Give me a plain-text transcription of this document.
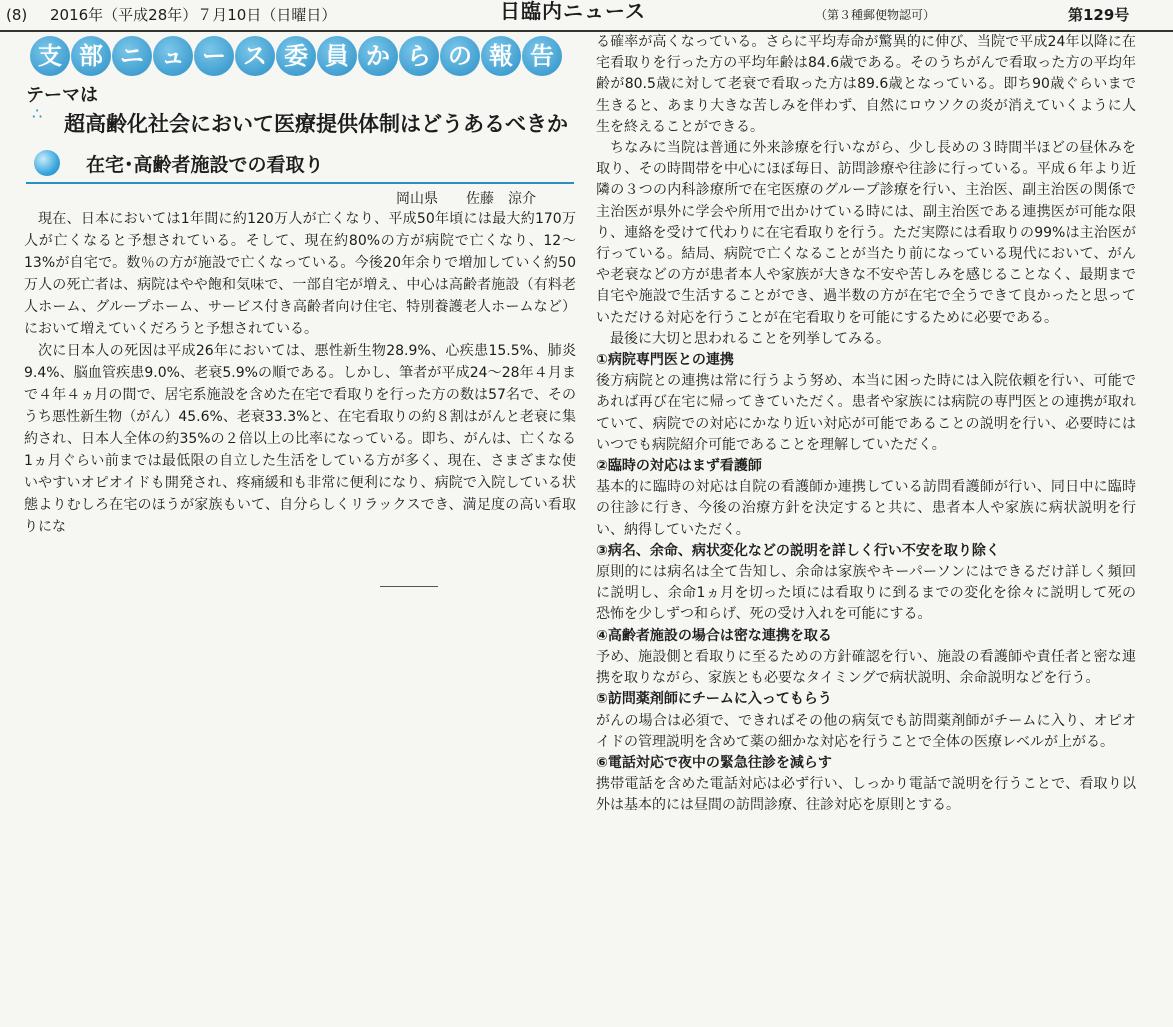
(8) 2016年（平成28年）７月10日（日曜日）	日臨内ニュース	（第３種郵便物認可）	第129号
支 部 ニ ュ ー ス 委 員 か ら の 報 告
テーマは
∴ 超高齢化社会において医療提供体制はどうあるべきか
在宅･高齢者施設での看取り
岡山県　　佐藤　涼介

現在、日本においては1年間に約120万人が亡くなり、平成50年頃には最大約170万人が亡くなると予想されている。そして、現在約80%の方が病院で亡くなり、12～13%が自宅で。数％の方が施設で亡くなっている。今後20年余りで増加していく約50万人の死亡者は、病院はやや飽和気味で、一部自宅が増え、中心は高齢者施設（有料老人ホーム、グループホーム、サービス付き高齢者向け住宅、特別養護老人ホームなど）において増えていくだろうと予想されている。

次に日本人の死因は平成26年においては、悪性新生物28.9%、心疾患15.5%、肺炎9.4%、脳血管疾患9.0%、老衰5.9%の順である。しかし、筆者が平成24～28年４月まで４年４ヵ月の間で、居宅系施設を含めた在宅で看取りを行った方の数は57名で、そのうち悪性新生物（がん）45.6%、老衰33.3%と、在宅看取りの約８割はがんと老衰に集約され、日本人全体の約35%の２倍以上の比率になっている。即ち、がんは、亡くなる1ヵ月ぐらい前までは最低限の自立した生活をしている方が多く、現在、さまざまな使いやすいオピオイドも開発され、疼痛緩和も非常に便利になり、病院で入院している状態よりむしろ在宅のほうが家族もいて、自分らしくリラックスでき、満足度の高い看取りにな

る確率が高くなっている。さらに平均寿命が驚異的に伸び、当院で平成24年以降に在宅看取りを行った方の平均年齢は84.6歳である。そのうちがんで看取った方の平均年齢が80.5歳に対して老衰で看取った方は89.6歳となっている。即ち90歳ぐらいまで生きると、あまり大きな苦しみを伴わず、自然にロウソクの炎が消えていくように人生を終えることができる。

ちなみに当院は普通に外来診療を行いながら、少し長めの３時間半ほどの昼休みを取り、その時間帯を中心にほぼ毎日、訪問診療や往診に行っている。平成６年より近隣の３つの内科診療所で在宅医療のグループ診療を行い、主治医、副主治医の関係で主治医が県外に学会や所用で出かけている時には、副主治医である連携医が可能な限り、連絡を受けて代わりに在宅看取りを行う。ただ実際には看取りの99%は主治医が行っている。結局、病院で亡くなることが当たり前になっている現代において、がんや老衰などの方が患者本人や家族が大きな不安や苦しみを感じることなく、最期まで自宅や施設で生活することができ、過半数の方が在宅で全うできて良かったと思っていただける対応を行うことが在宅看取りを可能にするために必要である。

最後に大切と思われることを列挙してみる。

①病院専門医との連携

後方病院との連携は常に行うよう努め、本当に困った時には入院依頼を行い、可能であれば再び在宅に帰ってきていただく。患者や家族には病院の専門医との連携が取れていて、病院での対応にかなり近い対応が可能であることの説明を行い、必要時にはいつでも病院紹介可能であることを理解していただく。

②臨時の対応はまず看護師

基本的に臨時の対応は自院の看護師か連携している訪問看護師が行い、同日中に臨時の往診に行き、今後の治療方針を決定すると共に、患者本人や家族に病状説明を行い、納得していただく。

③病名、余命、病状変化などの説明を詳しく行い不安を取り除く

原則的には病名は全て告知し、余命は家族やキーパーソンにはできるだけ詳しく頻回に説明し、余命1ヵ月を切った頃には看取りに到るまでの変化を徐々に説明して死の恐怖を少しずつ和らげ、死の受け入れを可能にする。

④高齢者施設の場合は密な連携を取る

予め、施設側と看取りに至るための方針確認を行い、施設の看護師や責任者と密な連携を取りながら、家族とも必要なタイミングで病状説明、余命説明などを行う。

⑤訪問薬剤師にチームに入ってもらう

がんの場合は必須で、できればその他の病気でも訪問薬剤師がチームに入り、オピオイドの管理説明を含めて薬の細かな対応を行うことで全体の医療レベルが上がる。

⑥電話対応で夜中の緊急往診を減らす

携帯電話を含めた電話対応は必ず行い、しっかり電話で説明を行うことで、看取り以外は基本的には昼間の訪問診療、往診対応を原則とする。
